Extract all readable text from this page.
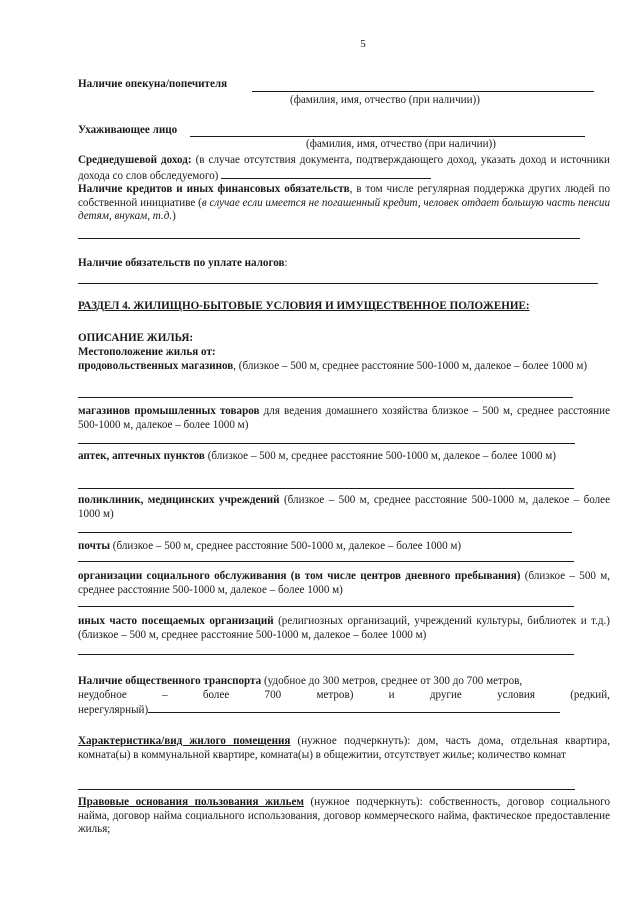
5
Наличие опекуна/попечителя
(фамилия, имя, отчество (при наличии))
Ухаживающее лицо
(фамилия, имя, отчество (при наличии))
Среднедушевой доход: (в случае отсутствия документа, подтверждающего доход, указать доход и источники дохода со слов обследуемого)
Наличие кредитов и иных финансовых обязательств, в том числе регулярная поддержка других людей по собственной инициативе (в случае если имеется не погашенный кредит, человек отдает большую часть пенсии детям, внукам, т.д.)
Наличие обязательств по уплате налогов:
РАЗДЕЛ 4. ЖИЛИЩНО-БЫТОВЫЕ УСЛОВИЯ И ИМУЩЕСТВЕННОЕ ПОЛОЖЕНИЕ:
ОПИСАНИЕ ЖИЛЬЯ:
Местоположение жилья от:
продовольственных магазинов, (близкое – 500 м, среднее расстояние 500-1000 м, далекое – более 1000 м)
магазинов промышленных товаров для ведения домашнего хозяйства близкое – 500 м, среднее расстояние 500-1000 м, далекое – более 1000 м)
аптек, аптечных пунктов (близкое – 500 м, среднее расстояние 500-1000 м, далекое – более 1000 м)
поликлиник, медицинских учреждений (близкое – 500 м, среднее расстояние 500-1000 м, далекое – более 1000 м)
почты (близкое – 500 м, среднее расстояние 500-1000 м, далекое – более 1000 м)
организации социального обслуживания (в том числе центров дневного пребывания) (близкое – 500 м, среднее расстояние 500-1000 м, далекое – более 1000 м)
иных часто посещаемых организаций (религиозных организаций, учреждений культуры, библиотек и т.д.) (близкое – 500 м, среднее расстояние 500-1000 м, далекое – более 1000 м)
Наличие общественного транспорта (удобное до 300 метров, среднее от 300 до 700 метров,
неудобное	–	более	700	метров)	и	другие	условия	(редкий,
нерегулярный)
Характеристика/вид жилого помещения (нужное подчеркнуть): дом, часть дома, отдельная квартира, комната(ы) в коммунальной квартире, комната(ы) в общежитии, отсутствует жилье; количество комнат
Правовые основания пользования жильем (нужное подчеркнуть): собственность, договор социального найма, договор найма социального использования, договор коммерческого найма, фактическое предоставление жилья;
